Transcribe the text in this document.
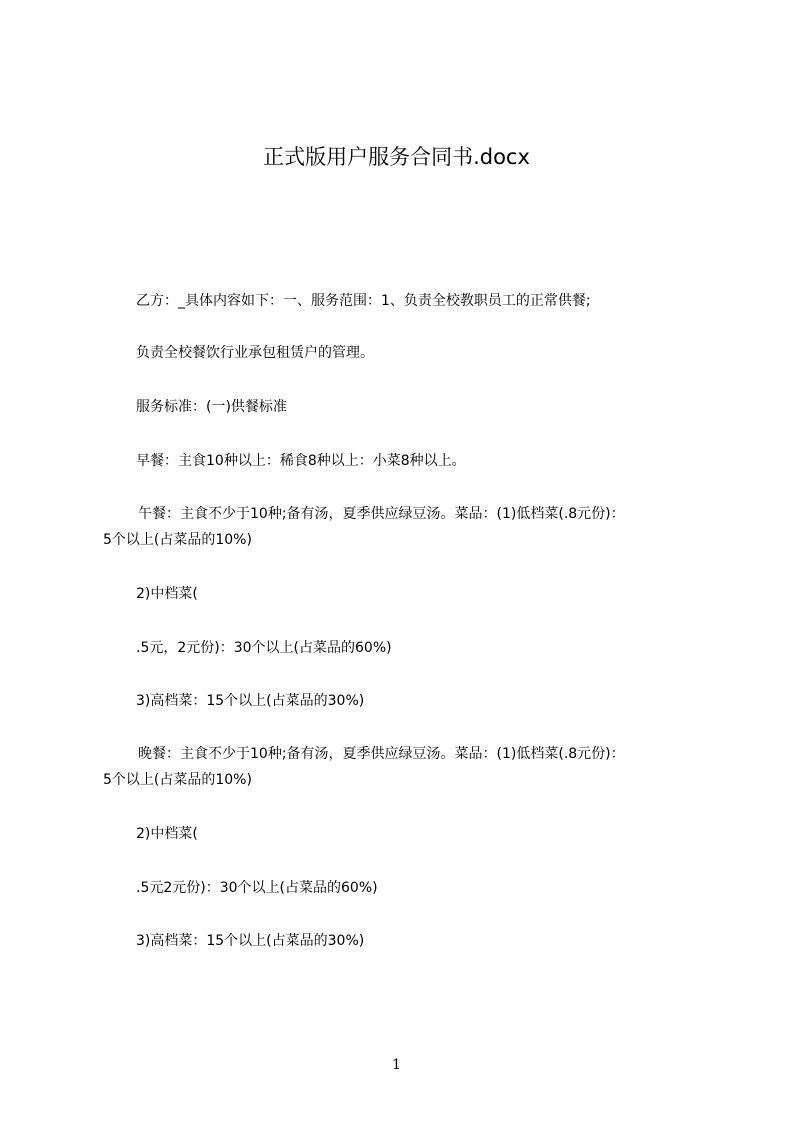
正式版用户服务合同书.docx
乙方：_具体内容如下：一、服务范围：1、负责全校教职员工的正常供餐;
负责全校餐饮行业承包租赁户的管理。
服务标准：(一)供餐标准
早餐：主食10种以上：稀食8种以上：小菜8种以上。
午餐：主食不少于10种;备有汤，夏季供应绿豆汤。菜品：(1)低档菜(.8元份)：
5个以上(占菜品的10%)
2)中档菜(
.5元，2元份)：30个以上(占菜品的60%)
3)高档菜：15个以上(占菜品的30%)
晚餐：主食不少于10种;备有汤，夏季供应绿豆汤。菜品：(1)低档菜(.8元份)：
5个以上(占菜品的10%)
2)中档菜(
.5元2元份)：30个以上(占菜品的60%)
3)高档菜：15个以上(占菜品的30%)
1
